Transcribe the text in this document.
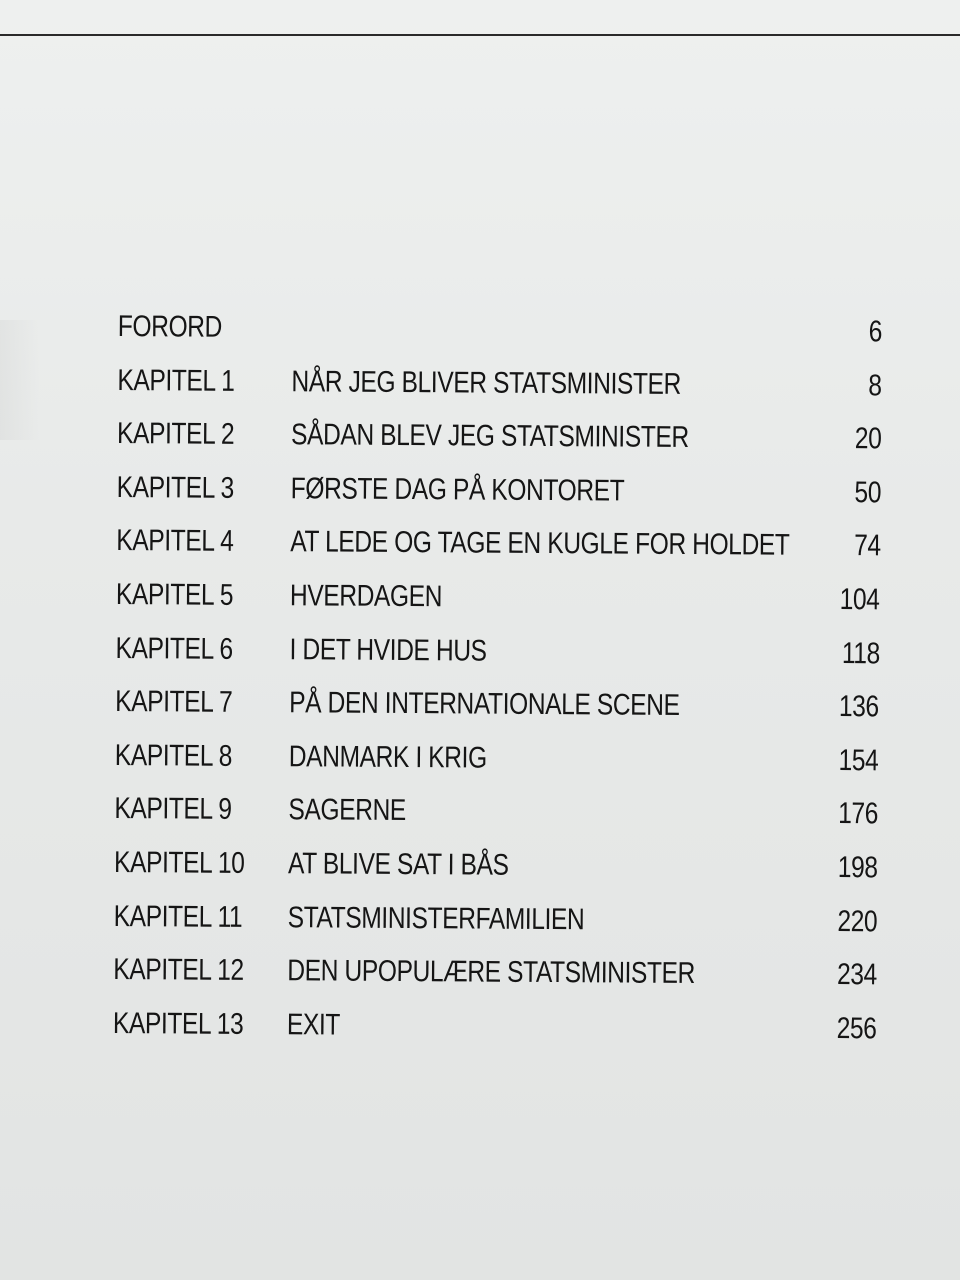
FORORD	6
KAPITEL 1 NÅR JEG BLIVER STATSMINISTER	8
KAPITEL 2 SÅDAN BLEV JEG STATSMINISTER	20
KAPITEL 3 FØRSTE DAG PÅ KONTORET	50
KAPITEL 4 AT LEDE OG TAGE EN KUGLE FOR HOLDET 74
KAPITEL 5 HVERDAGEN	104
KAPITEL 6 I DET HVIDE HUS	118
KAPITEL 7 PÅ DEN INTERNATIONALE SCENE	136
KAPITEL 8 DANMARK I KRIG	154
KAPITEL 9 SAGERNE	176
KAPITEL 10 AT BLIVE SAT I BÅS	198
KAPITEL 11 STATSMINISTERFAMILIEN	220
KAPITEL 12 DEN UPOPULÆRE STATSMINISTER	234
KAPITEL 13 EXIT	256
